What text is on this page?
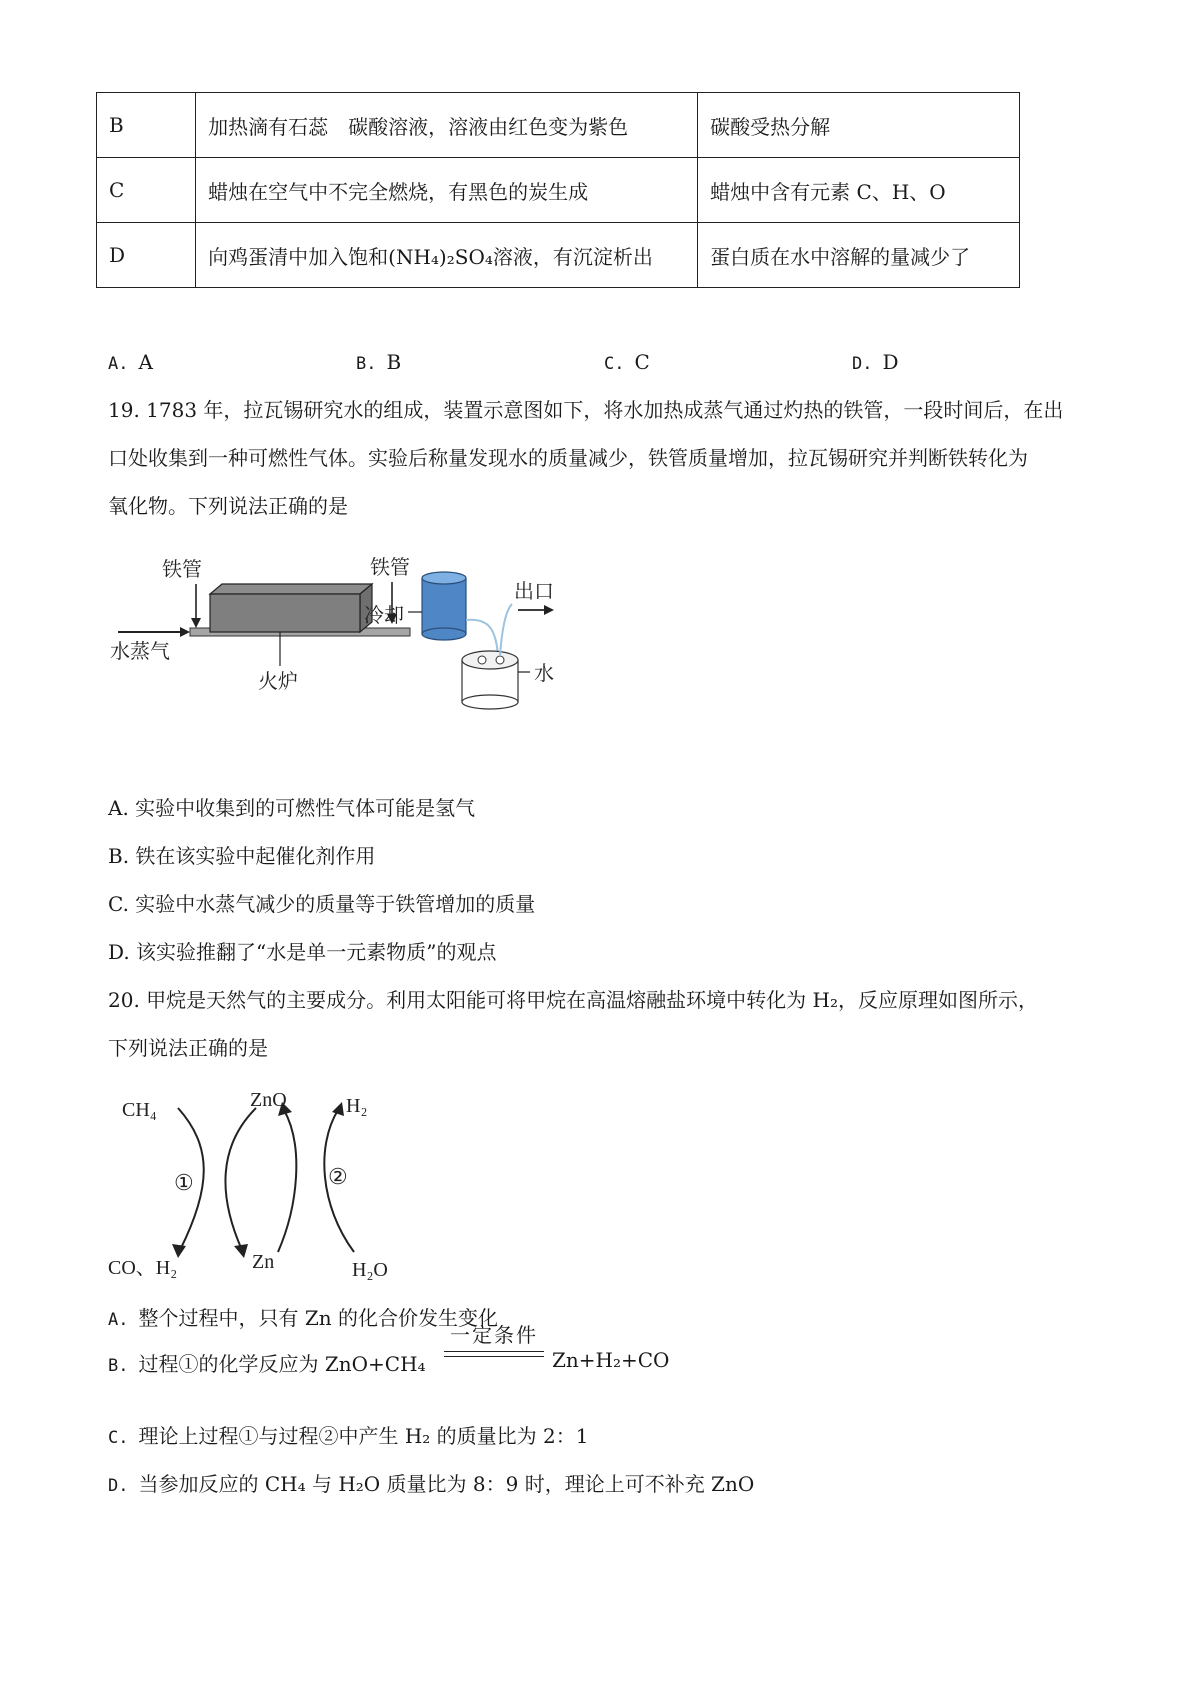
B	加热滴有石蕊　碳酸溶液，溶液由红色变为紫色	碳酸受热分解
C	蜡烛在空气中不完全燃烧，有黑色的炭生成	蜡烛中含有元素 C、H、O
D	向鸡蛋清中加入饱和(NH₄)₂SO₄溶液，有沉淀析出	蛋白质在水中溶解的量减少了
A. A	B. B	C. C	D. D
19. 1783 年，拉瓦锡研究水的组成，装置示意图如下，将水加热成蒸气通过灼热的铁管，一段时间后，在出
口处收集到一种可燃性气体。实验后称量发现水的质量减少，铁管质量增加，拉瓦锡研究并判断铁转化为
氧化物。下列说法正确的是
铁管	铁管
水蒸气
火炉
冷却
出口
水
A. 实验中收集到的可燃性气体可能是氢气
B. 铁在该实验中起催化剂作用
C. 实验中水蒸气减少的质量等于铁管增加的质量
D. 该实验推翻了“水是单一元素物质”的观点
20. 甲烷是天然气的主要成分。利用太阳能可将甲烷在高温熔融盐环境中转化为 H₂，反应原理如图所示，
下列说法正确的是
CH₄	ZnO	H₂
①	②
CO、H₂	Zn	H₂O
A. 整个过程中，只有 Zn 的化合价发生变化
B. 过程①的化学反应为 ZnO+CH₄
一定条件
Zn+H₂+CO
C. 理论上过程①与过程②中产生 H₂ 的质量比为 2：1
D. 当参加反应的 CH₄ 与 H₂O 质量比为 8：9 时，理论上可不补充 ZnO
